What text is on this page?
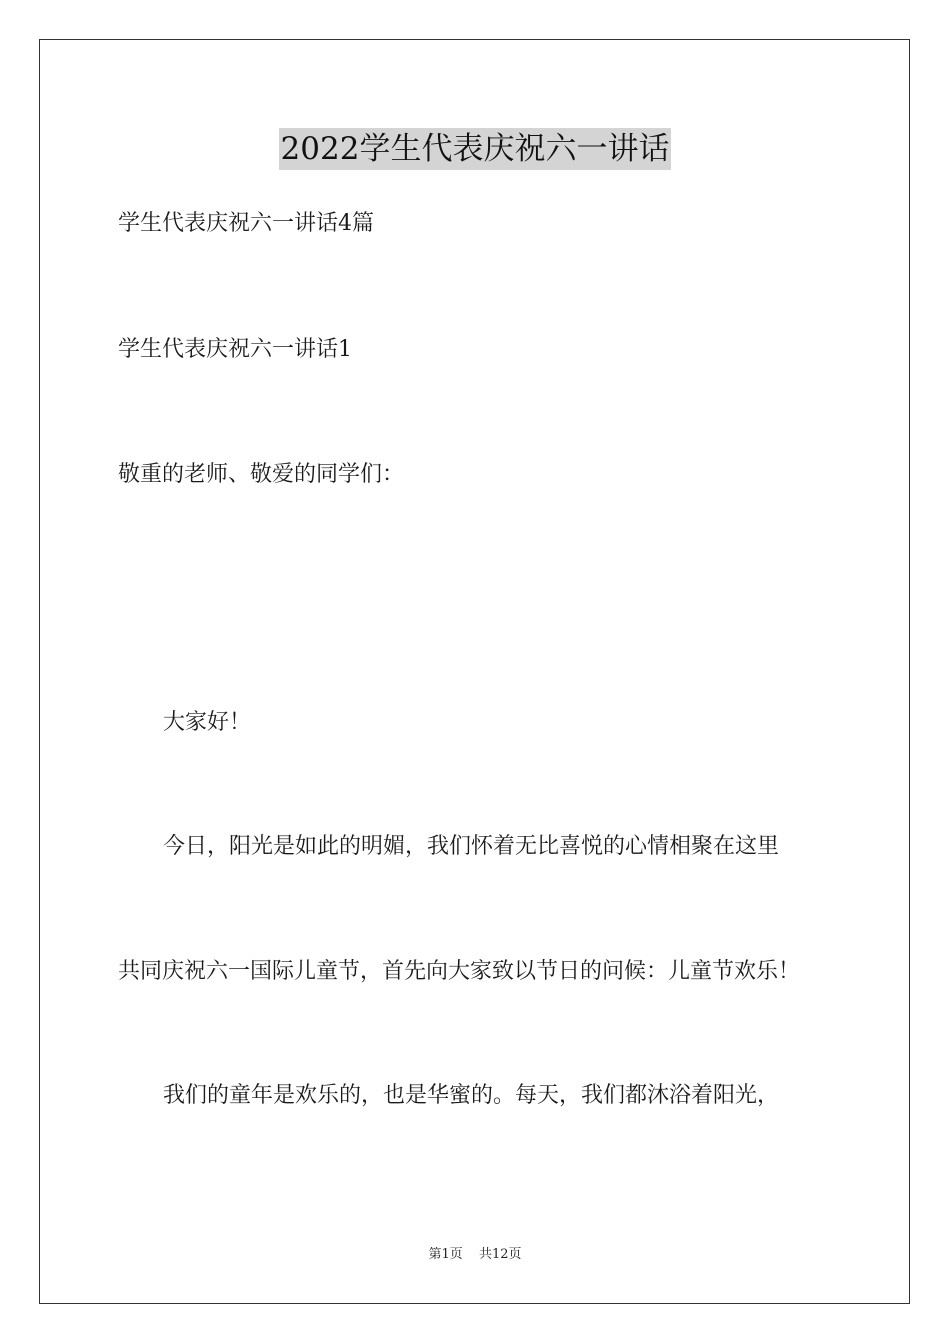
2022学生代表庆祝六一讲话
学生代表庆祝六一讲话4篇
学生代表庆祝六一讲话1
敬重的老师、敬爱的同学们：
大家好！
今日，阳光是如此的明媚，我们怀着无比喜悦的心情相聚在这里
共同庆祝六一国际儿童节，首先向大家致以节日的问候：儿童节欢乐！
我们的童年是欢乐的，也是华蜜的。每天，我们都沐浴着阳光，
第1页 共12页
